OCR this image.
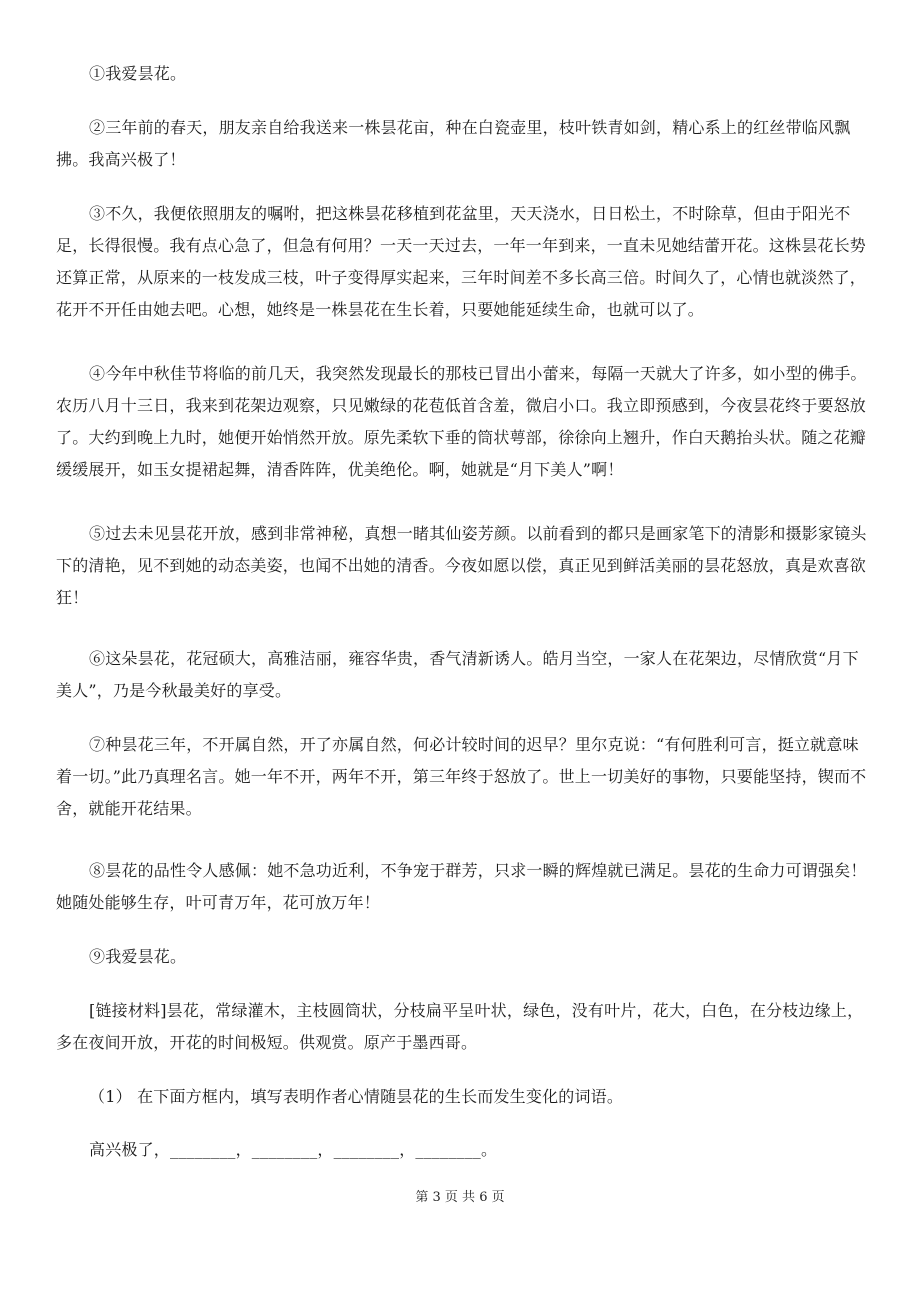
①我爱昙花。

②三年前的春天，朋友亲自给我送来一株昙花亩，种在白瓷壶里，枝叶铁青如剑，精心系上的红丝带临风飘拂。我高兴极了！

③不久，我便依照朋友的嘱咐，把这株昙花移植到花盆里，天天浇水，日日松土，不时除草，但由于阳光不足，长得很慢。我有点心急了，但急有何用？一天一天过去，一年一年到来，一直未见她结蕾开花。这株昙花长势还算正常，从原来的一枝发成三枝，叶子变得厚实起来，三年时间差不多长高三倍。时间久了，心情也就淡然了，花开不开任由她去吧。心想，她终是一株昙花在生长着，只要她能延续生命，也就可以了。

④今年中秋佳节将临的前几天，我突然发现最长的那枝已冒出小蕾来，每隔一天就大了许多，如小型的佛手。农历八月十三日，我来到花架边观察，只见嫩绿的花苞低首含羞，微启小口。我立即预感到，今夜昙花终于要怒放了。大约到晚上九时，她便开始悄然开放。原先柔软下垂的筒状萼部，徐徐向上翘升，作白天鹅抬头状。随之花瓣缓缓展开，如玉女提裙起舞，清香阵阵，优美绝伦。啊，她就是“月下美人”啊！

⑤过去未见昙花开放，感到非常神秘，真想一睹其仙姿芳颜。以前看到的都只是画家笔下的清影和摄影家镜头下的清艳，见不到她的动态美姿，也闻不出她的清香。今夜如愿以偿，真正见到鲜活美丽的昙花怒放，真是欢喜欲狂！

⑥这朵昙花，花冠硕大，高雅洁丽，雍容华贵，香气清新诱人。皓月当空，一家人在花架边，尽情欣赏“月下美人”，乃是今秋最美好的享受。

⑦种昙花三年，不开属自然，开了亦属自然，何必计较时间的迟早？里尔克说：“有何胜利可言，挺立就意味着一切。”此乃真理名言。她一年不开，两年不开，第三年终于怒放了。世上一切美好的事物，只要能坚持，锲而不舍，就能开花结果。

⑧昙花的品性令人感佩：她不急功近利，不争宠于群芳，只求一瞬的辉煌就已满足。昙花的生命力可谓强矣！她随处能够生存，叶可青万年，花可放万年！

⑨我爱昙花。

[链接材料]昙花，常绿灌木，主枝圆筒状，分枝扁平呈叶状，绿色，没有叶片，花大，白色，在分枝边缘上，多在夜间开放，开花的时间极短。供观赏。原产于墨西哥。

（1） 在下面方框内，填写表明作者心情随昙花的生长而发生变化的词语。

高兴极了，________，________，________，________。

第 3 页 共 6 页
